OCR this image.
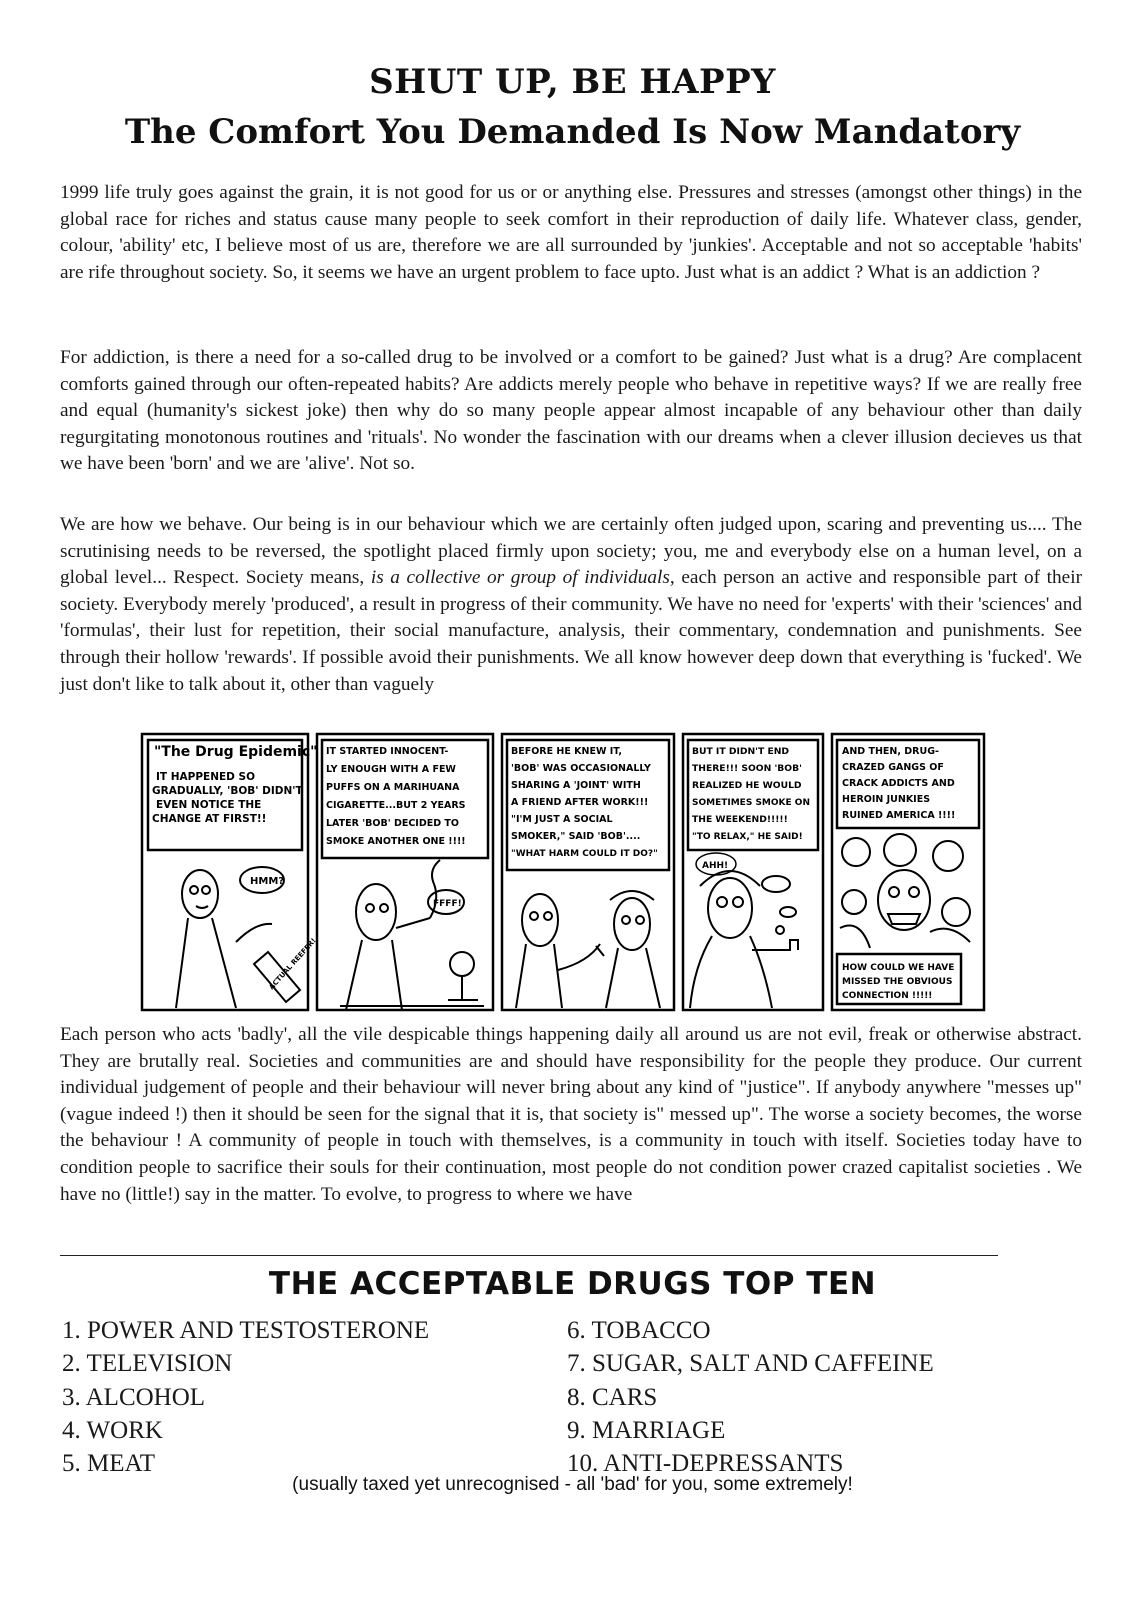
SHUT UP, BE HAPPY
The Comfort You Demanded Is Now Mandatory

1999 life truly goes against the grain, it is not good for us or or anything else. Pressures and stresses (amongst other things) in the global race for riches and status cause many people to seek comfort in their reproduction of daily life. Whatever class, gender, colour, 'ability' etc, I believe most of us are, therefore we are all surrounded by 'junkies'. Acceptable and not so acceptable 'habits' are rife throughout society. So, it seems we have an urgent problem to face upto. Just what is an addict ? What is an addiction ?

For addiction, is there a need for a so-called drug to be involved or a comfort to be gained? Just what is a drug? Are complacent comforts gained through our often-repeated habits? Are addicts merely people who behave in repetitive ways? If we are really free and equal (humanity's sickest joke) then why do so many people appear almost incapable of any behaviour other than daily regurgitating monotonous routines and 'rituals'. No wonder the fascination with our dreams when a clever illusion decieves us that we have been 'born' and we are 'alive'. Not so.

We are how we behave. Our being is in our behaviour which we are certainly often judged upon, scaring and preventing us.... The scrutinising needs to be reversed, the spotlight placed firmly upon society; you, me and everybody else on a human level, on a global level... Respect. Society means, is a collective or group of individuals, each person an active and responsible part of their society. Everybody merely 'produced', a result in progress of their community. We have no need for 'experts' with their 'sciences' and 'formulas', their lust for repetition, their social manufacture, analysis, their commentary, condemnation and punishments. See through their hollow 'rewards'. If possible avoid their punishments. We all know however deep down that everything is 'fucked'. We just don't like to talk about it, other than vaguely

"The Drug Epidemic"
IT HAPPENED SO
GRADUALLY, 'BOB' DIDN'T
EVEN NOTICE THE
CHANGE AT FIRST!!
IT STARTED INNOCENT-
LY ENOUGH WITH A FEW
PUFFS ON A MARIHUANA
CIGARETTE...BUT 2 YEARS
LATER 'BOB' DECIDED TO
SMOKE ANOTHER ONE !!!!
BEFORE HE KNEW IT,
'BOB' WAS OCCASIONALLY
SHARING A 'JOINT' WITH
A FRIEND AFTER WORK!!!
"I'M JUST A SOCIAL
SMOKER," SAID 'BOB'....
"WHAT HARM COULD IT DO?"
BUT IT DIDN'T END
THERE!!! SOON 'BOB'
REALIZED HE WOULD
SOMETIMES SMOKE ON
THE WEEKEND!!!!!
"TO RELAX," HE SAID!
AND THEN, DRUG-
CRAZED GANGS OF
CRACK ADDICTS AND
HEROIN JUNKIES
RUINED AMERICA !!!!
HOW COULD WE HAVE
MISSED THE OBVIOUS
CONNECTION !!!!!
HMM?
ACTUAL REEFER!
FFFF!
AHH!

Each person who acts 'badly', all the vile despicable things happening daily all around us are not evil, freak or otherwise abstract. They are brutally real. Societies and communities are and should have responsibility for the people they produce. Our current individual judgement of people and their behaviour will never bring about any kind of "justice". If anybody anywhere "messes up" (vague indeed !) then it should be seen for the signal that it is, that society is" messed up". The worse a society becomes, the worse the behaviour ! A community of people in touch with themselves, is a community in touch with itself. Societies today have to condition people to sacrifice their souls for their continuation, most people do not condition power crazed capitalist societies . We have no (little!) say in the matter. To evolve, to progress to where we have

THE ACCEPTABLE DRUGS TOP TEN
1. POWER AND TESTOSTERONE
2. TELEVISION
3. ALCOHOL
4. WORK
5. MEAT
6. TOBACCO
7. SUGAR, SALT AND CAFFEINE
8. CARS
9. MARRIAGE
10. ANTI-DEPRESSANTS
(usually taxed yet unrecognised - all 'bad' for you, some extremely!
